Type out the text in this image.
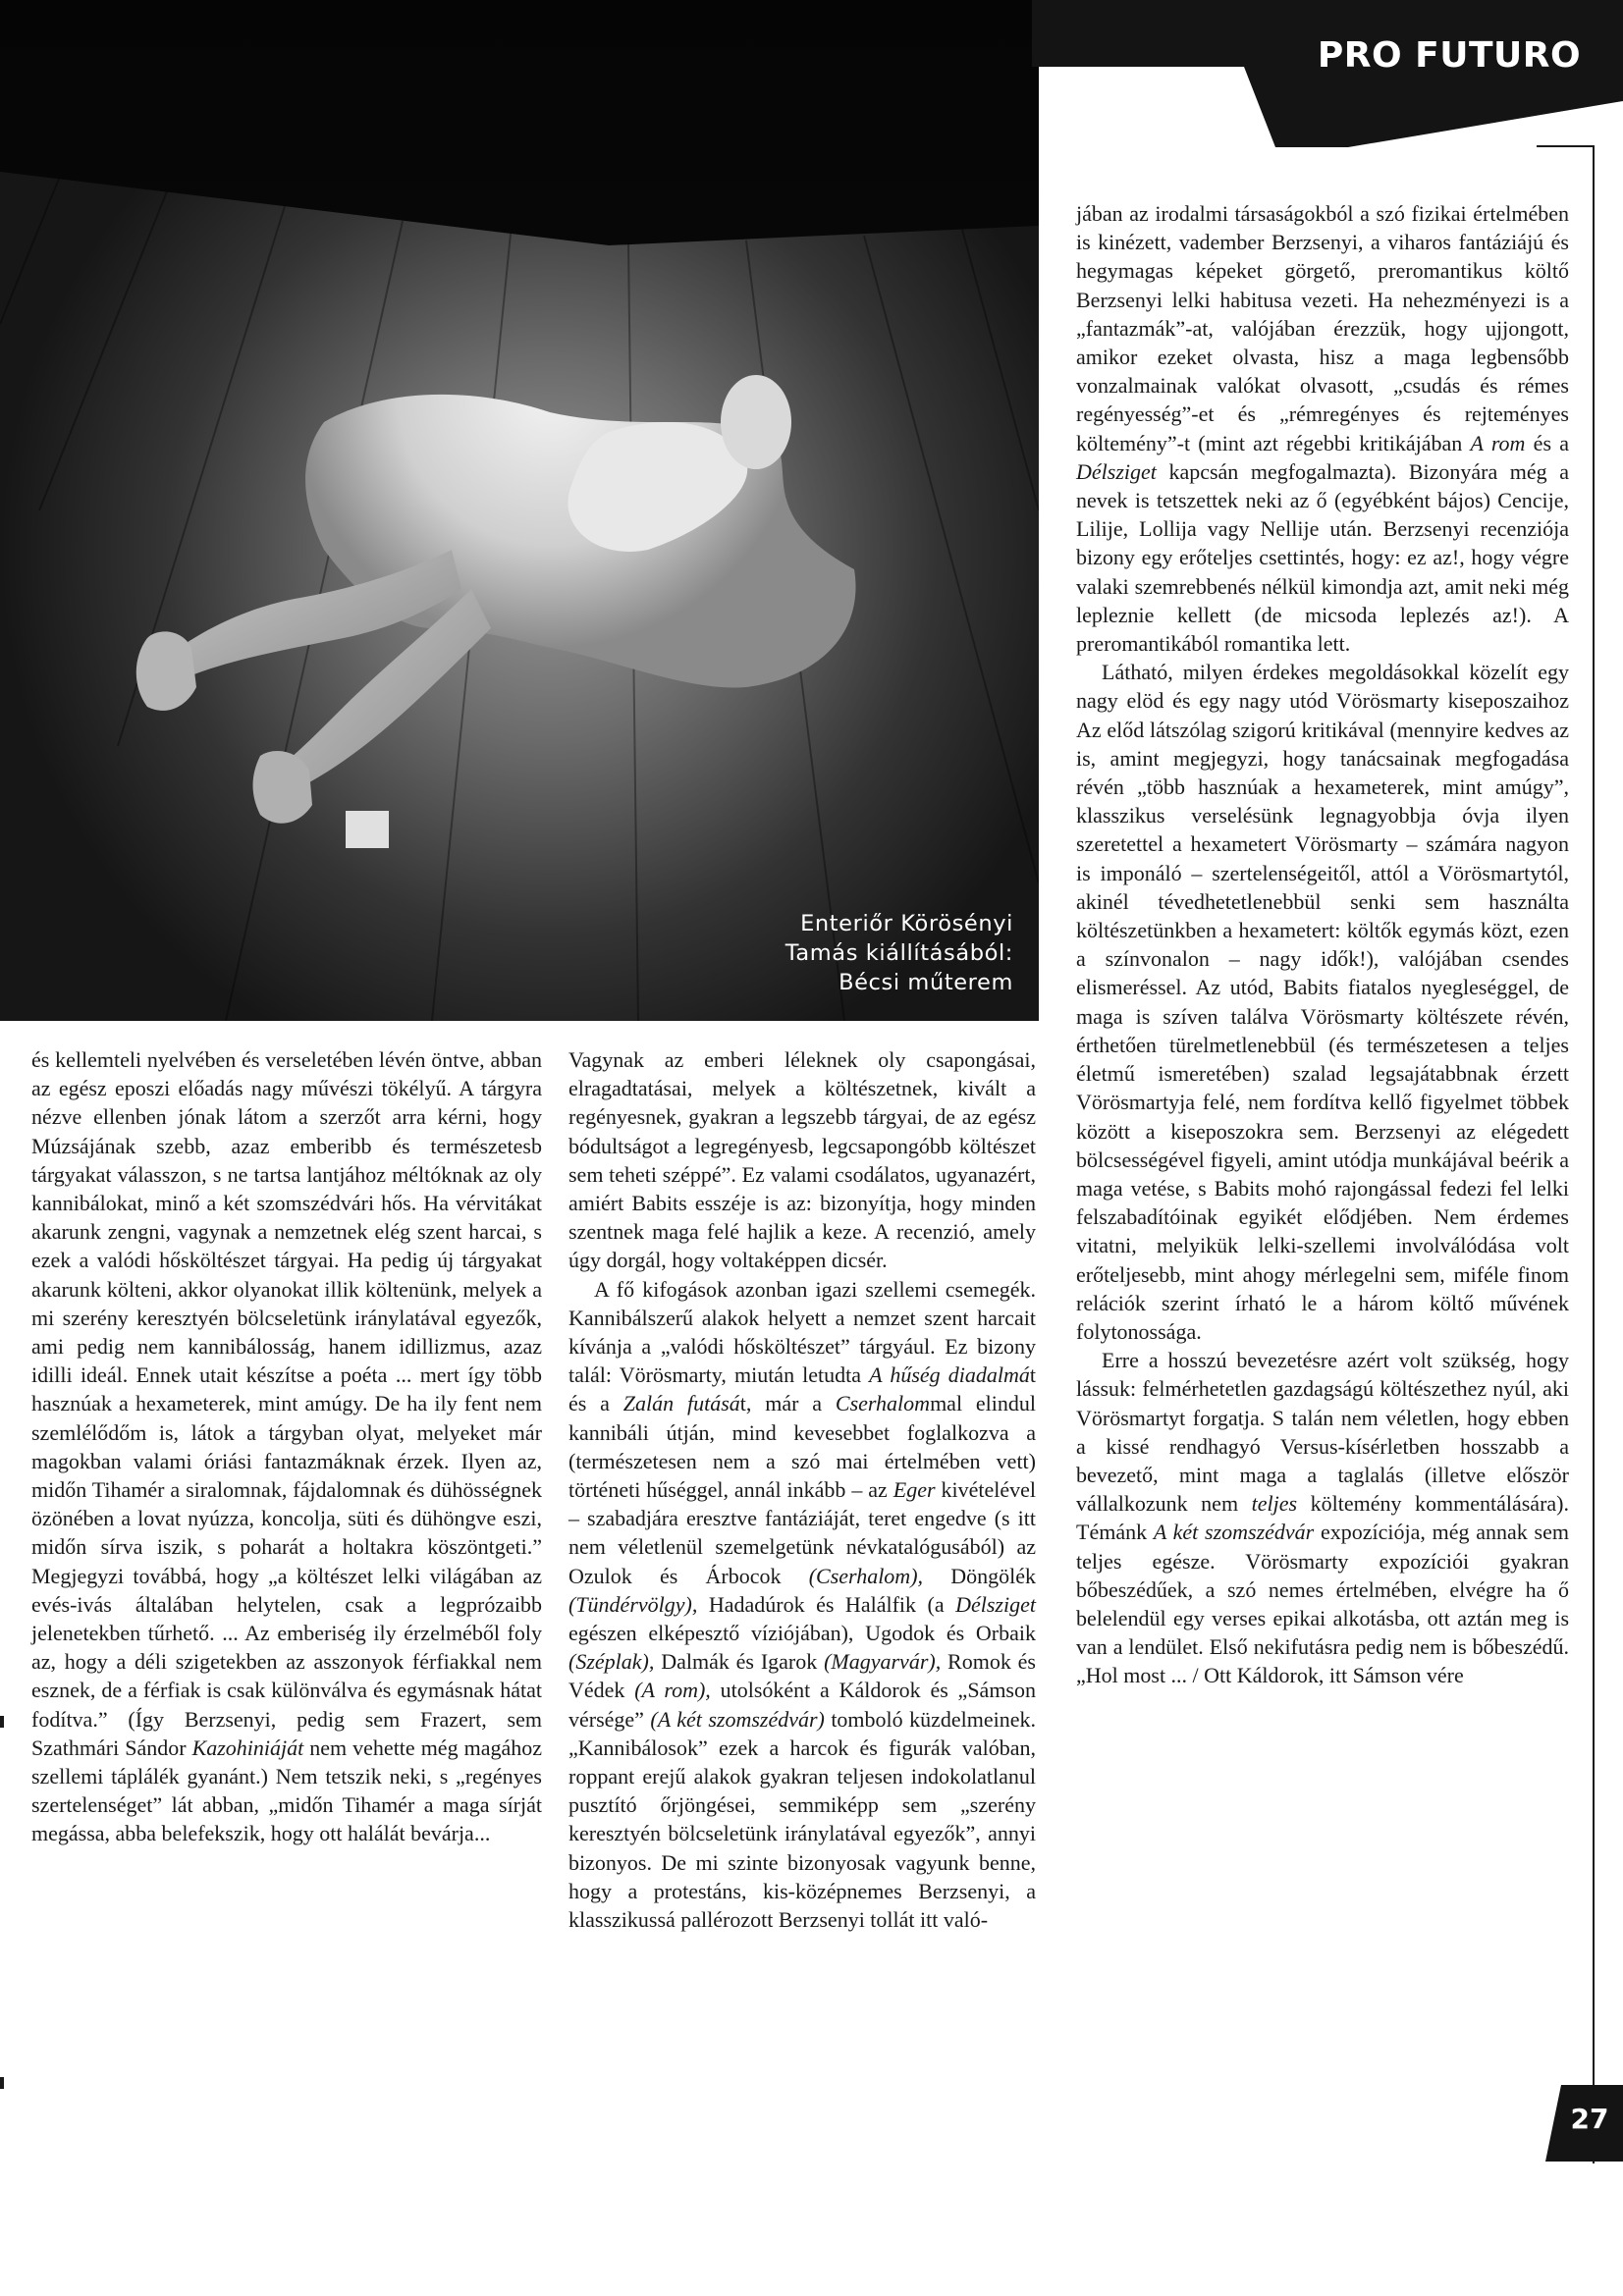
Enteriőr Körösényi
Tamás kiállításából:
Bécsi műterem
PRO FUTURO
27

és kellemteli nyelvében és verseletében lévén öntve, abban az egész eposzi előadás nagy művészi tökélyű. A tárgyra nézve ellenben jónak látom a szerzőt arra kérni, hogy Múzsájának szebb, azaz emberibb és természetesb tárgyakat válasszon, s ne tartsa lantjához méltóknak az oly kannibálokat, minő a két szomszédvári hős. Ha vérvitákat akarunk zengni, vagynak a nemzetnek elég szent harcai, s ezek a valódi hősköltészet tárgyai. Ha pedig új tárgyakat akarunk költeni, akkor olyanokat illik költenünk, melyek a mi szerény keresztyén bölcseletünk iránylatával egyezők, ami pedig nem kannibálosság, hanem idillizmus, azaz idilli ideál. Ennek utait készítse a poéta ... mert így több hasznúak a hexameterek, mint amúgy. De ha ily fent nem szemlélődőm is, látok a tárgyban olyat, melyeket már magokban valami óriási fantazmáknak érzek. Ilyen az, midőn Tihamér a siralomnak, fájdalomnak és dühösségnek özönében a lovat nyúzza, koncolja, süti és dühöngve eszi, midőn sírva iszik, s poharát a holtakra köszöntgeti.” Megjegyzi továbbá, hogy „a költészet lelki világában az evés-ivás általában helytelen, csak a legprózaibb jelenetekben tűrhető. ... Az emberiség ily érzelméből foly az, hogy a déli szigetekben az asszonyok férfiakkal nem esznek, de a férfiak is csak különválva és egymásnak hátat fodítva.” (Így Berzsenyi, pedig sem Frazert, sem Szathmári Sándor Kazohiniáját nem vehette még magához szellemi táplálék gyanánt.) Nem tetszik neki, s „regényes szertelenséget” lát abban, „midőn Tihamér a maga sírját megássa, abba belefekszik, hogy ott halálát bevárja...

Vagynak az emberi léleknek oly csapongásai, elragadtatásai, melyek a költészetnek, kivált a regényesnek, gyakran a legszebb tárgyai, de az egész bódultságot a legregényesb, legcsapongóbb költészet sem teheti széppé”. Ez valami csodálatos, ugyanazért, amiért Babits esszéje is az: bizonyítja, hogy minden szentnek maga felé hajlik a keze. A recenzió, amely úgy dorgál, hogy voltaképpen dicsér.

A fő kifogások azonban igazi szellemi csemegék. Kannibálszerű alakok helyett a nemzet szent harcait kívánja a „valódi hősköltészet” tárgyául. Ez bizony talál: Vörösmarty, miután letudta A hűség diadalmát és a Zalán futását, már a Cserhalommal elindul kannibáli útján, mind kevesebbet foglalkozva a (természetesen nem a szó mai értelmében vett) történeti hűséggel, annál inkább – az Eger kivételével – szabadjára eresztve fantáziáját, teret engedve (s itt nem véletlenül szemelgetünk névkatalógusából) az Ozulok és Árbocok (Cserhalom), Döngölék (Tündérvölgy), Hadadúrok és Halálfik (a Délsziget egészen elképesztő víziójában), Ugodok és Orbaik (Széplak), Dalmák és Igarok (Magyarvár), Romok és Védek (A rom), utolsóként a Káldorok és „Sámson vérsége” (A két szomszédvár) tomboló küzdelmeinek. „Kannibálosok” ezek a harcok és figurák valóban, roppant erejű alakok gyakran teljesen indokolatlanul pusztító őrjöngései, semmiképp sem „szerény keresztyén bölcseletünk iránylatával egyezők”, annyi bizonyos. De mi szinte bizonyosak vagyunk benne, hogy a protestáns, kis-középnemes Berzsenyi, a klasszikussá pallérozott Berzsenyi tollát itt való-

jában az irodalmi társaságokból a szó fizikai értelmében is kinézett, vadember Berzsenyi, a viharos fantáziájú és hegymagas képeket görgető, preromantikus költő Berzsenyi lelki habitusa vezeti. Ha nehezményezi is a „fantazmák”-at, valójában érezzük, hogy ujjongott, amikor ezeket olvasta, hisz a maga legbensőbb vonzalmainak valókat olvasott, „csudás és rémes regényesség”-et és „rémregényes és rejteményes költemény”-t (mint azt régebbi kritikájában A rom és a Délsziget kapcsán megfogalmazta). Bizonyára még a nevek is tetszettek neki az ő (egyébként bájos) Cencije, Lilije, Lollija vagy Nellije után. Berzsenyi recenziója bizony egy erőteljes csettintés, hogy: ez az!, hogy végre valaki szemrebbenés nélkül kimondja azt, amit neki még lepleznie kellett (de micsoda leplezés az!). A preromantikából romantika lett.

Látható, milyen érdekes megoldásokkal közelít egy nagy elöd és egy nagy utód Vörösmarty kiseposzaihoz Az előd látszólag szigorú kritikával (mennyire kedves az is, amint megjegyzi, hogy tanácsainak megfogadása révén „több hasznúak a hexameterek, mint amúgy”, klasszikus verselésünk legnagyobbja óvja ilyen szeretettel a hexametert Vörösmarty – számára nagyon is imponáló – szertelenségeitől, attól a Vörösmartytól, akinél tévedhetetlenebbül senki sem használta költészetünkben a hexametert: költők egymás közt, ezen a színvonalon – nagy idők!), valójában csendes elismeréssel. Az utód, Babits fiatalos nyegleséggel, de maga is szíven találva Vörösmarty költészete révén, érthetően türelmetlenebbül (és természetesen a teljes életmű ismeretében) szalad legsajátabbnak érzett Vörösmartyja felé, nem fordítva kellő figyelmet többek között a kiseposzokra sem. Berzsenyi az elégedett bölcsességével figyeli, amint utódja munkájával beérik a maga vetése, s Babits mohó rajongással fedezi fel lelki felszabadítóinak egyikét elődjében. Nem érdemes vitatni, melyikük lelki-szellemi involválódása volt erőteljesebb, mint ahogy mérlegelni sem, miféle finom relációk szerint írható le a három költő művének folytonossága.

Erre a hosszú bevezetésre azért volt szükség, hogy lássuk: felmérhetetlen gazdagságú költészethez nyúl, aki Vörösmartyt forgatja. S talán nem véletlen, hogy ebben a kissé rendhagyó Versus-kísérletben hosszabb a bevezető, mint maga a taglalás (illetve először vállalkozunk nem teljes költemény kommentálására). Témánk A két szomszédvár expozíciója, még annak sem teljes egésze. Vörösmarty expozíciói gyakran bőbeszédűek, a szó nemes értelmében, elvégre ha ő belelendül egy verses epikai alkotásba, ott aztán meg is van a lendület. Első nekifutásra pedig nem is bőbeszédű. „Hol most ... / Ott Káldorok, itt Sámson vére
